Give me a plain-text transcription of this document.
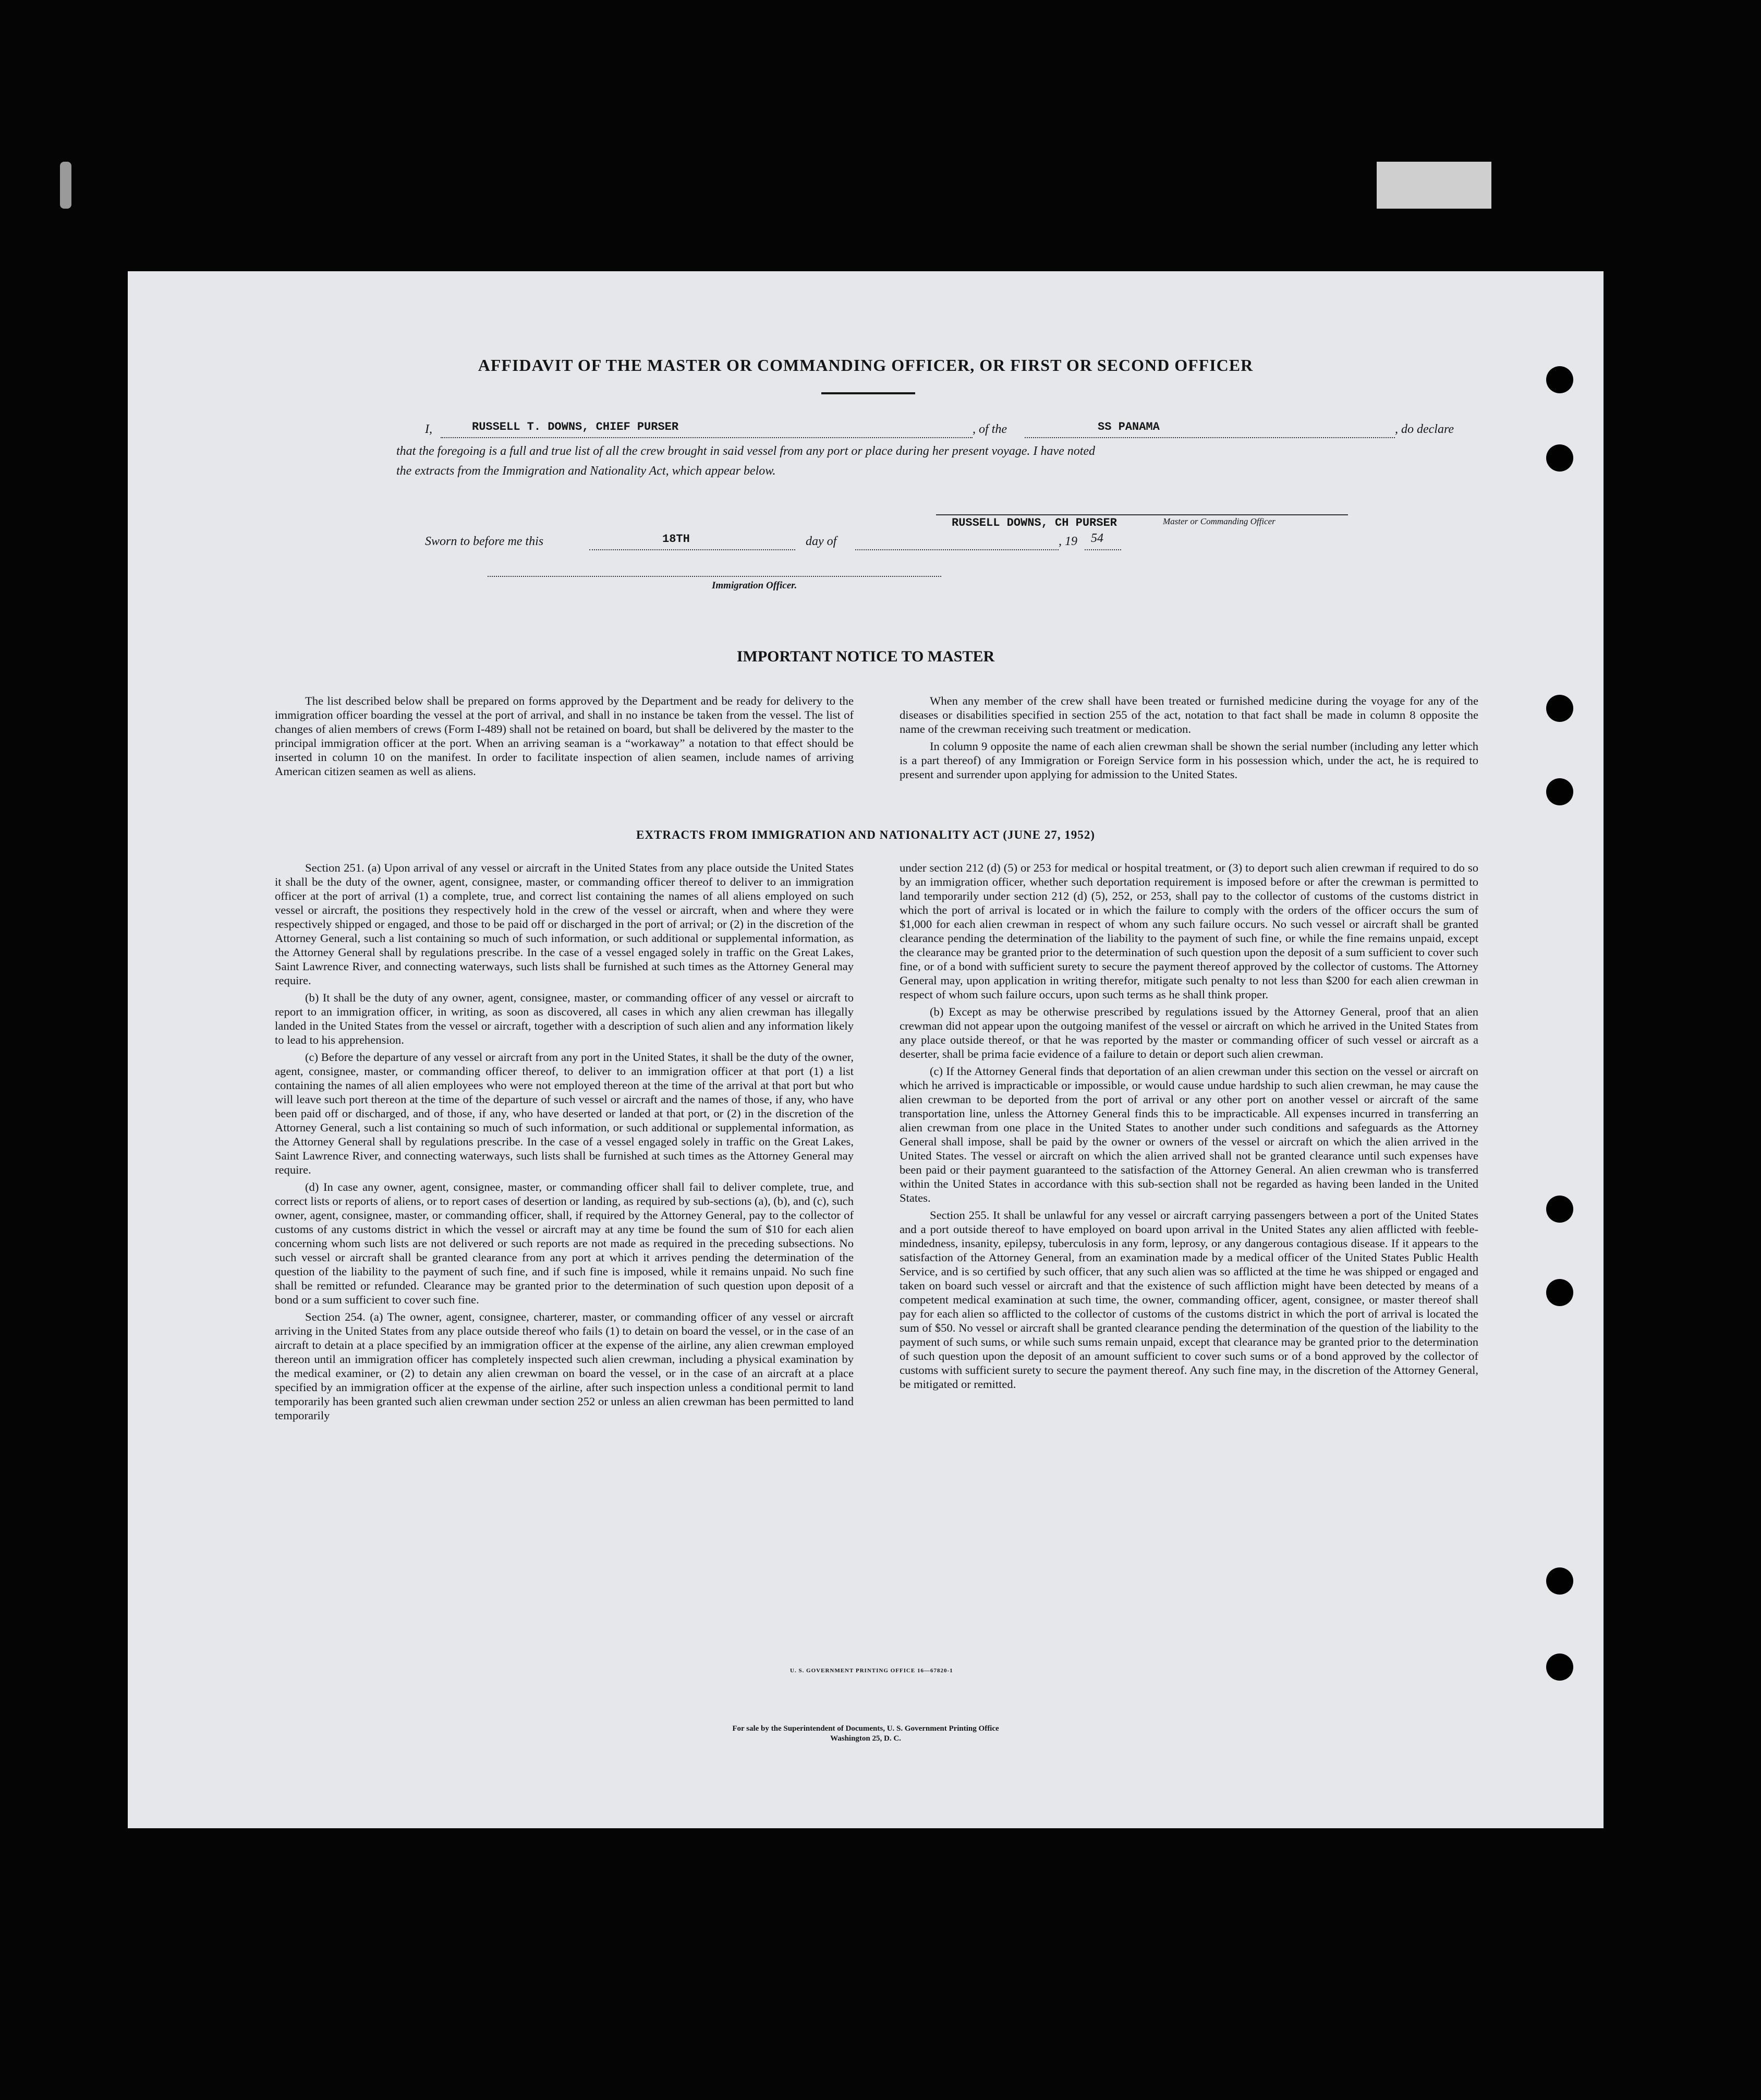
AFFIDAVIT OF THE MASTER OR COMMANDING OFFICER, OR FIRST OR SECOND OFFICER
I,	RUSSELL T. DOWNS, CHIEF PURSER	, of the	SS PANAMA	, do declare
that the foregoing is a full and true list of all the crew brought in said vessel from any port or place during her present voyage. I have noted
the extracts from the Immigration and Nationality Act, which appear below.
RUSSELL DOWNS, CH PURSER	Master or Commanding Officer
Sworn to before me this	18TH	day of	, 19 54
Immigration Officer.
IMPORTANT NOTICE TO MASTER

The list described below shall be prepared on forms approved by the Department and be ready for delivery to the immigration officer boarding the vessel at the port of arrival, and shall in no instance be taken from the vessel. The list of changes of alien members of crews (Form I-489) shall not be retained on board, but shall be delivered by the master to the principal immigration officer at the port. When an arriving seaman is a “workaway” a notation to that effect should be inserted in column 10 on the manifest. In order to facilitate inspection of alien seamen, include names of arriving American citizen seamen as well as aliens.

When any member of the crew shall have been treated or furnished medicine during the voyage for any of the diseases or disabilities specified in section 255 of the act, notation to that fact shall be made in column 8 opposite the name of the crewman receiving such treatment or medication.

In column 9 opposite the name of each alien crewman shall be shown the serial number (including any letter which is a part thereof) of any Immigration or Foreign Service form in his possession which, under the act, he is required to present and surrender upon applying for admission to the United States.

EXTRACTS FROM IMMIGRATION AND NATIONALITY ACT (JUNE 27, 1952)

Section 251. (a) Upon arrival of any vessel or aircraft in the United States from any place outside the United States it shall be the duty of the owner, agent, consignee, master, or commanding officer thereof to deliver to an immigration officer at the port of arrival (1) a complete, true, and correct list containing the names of all aliens employed on such vessel or aircraft, the positions they respectively hold in the crew of the vessel or aircraft, when and where they were respectively shipped or engaged, and those to be paid off or discharged in the port of arrival; or (2) in the discretion of the Attorney General, such a list containing so much of such information, or such additional or supplemental information, as the Attorney General shall by regulations prescribe. In the case of a vessel engaged solely in traffic on the Great Lakes, Saint Lawrence River, and connecting waterways, such lists shall be furnished at such times as the Attorney General may require.

(b) It shall be the duty of any owner, agent, consignee, master, or commanding officer of any vessel or aircraft to report to an immigration officer, in writing, as soon as discovered, all cases in which any alien crewman has illegally landed in the United States from the vessel or aircraft, together with a description of such alien and any information likely to lead to his apprehension.

(c) Before the departure of any vessel or aircraft from any port in the United States, it shall be the duty of the owner, agent, consignee, master, or commanding officer thereof, to deliver to an immigration officer at that port (1) a list containing the names of all alien employees who were not employed thereon at the time of the arrival at that port but who will leave such port thereon at the time of the departure of such vessel or aircraft and the names of those, if any, who have been paid off or discharged, and of those, if any, who have deserted or landed at that port, or (2) in the discretion of the Attorney General, such a list containing so much of such information, or such additional or supplemental information, as the Attorney General shall by regulations prescribe. In the case of a vessel engaged solely in traffic on the Great Lakes, Saint Lawrence River, and connecting waterways, such lists shall be furnished at such times as the Attorney General may require.

(d) In case any owner, agent, consignee, master, or commanding officer shall fail to deliver complete, true, and correct lists or reports of aliens, or to report cases of desertion or landing, as required by sub-sections (a), (b), and (c), such owner, agent, consignee, master, or commanding officer, shall, if required by the Attorney General, pay to the collector of customs of any customs district in which the vessel or aircraft may at any time be found the sum of $10 for each alien concerning whom such lists are not delivered or such reports are not made as required in the preceding subsections. No such vessel or aircraft shall be granted clearance from any port at which it arrives pending the determination of the question of the liability to the payment of such fine, and if such fine is imposed, while it remains unpaid. No such fine shall be remitted or refunded. Clearance may be granted prior to the determination of such question upon deposit of a bond or a sum sufficient to cover such fine.

Section 254. (a) The owner, agent, consignee, charterer, master, or commanding officer of any vessel or aircraft arriving in the United States from any place outside thereof who fails (1) to detain on board the vessel, or in the case of an aircraft to detain at a place specified by an immigration officer at the expense of the airline, any alien crewman employed thereon until an immigration officer has completely inspected such alien crewman, including a physical examination by the medical examiner, or (2) to detain any alien crewman on board the vessel, or in the case of an aircraft at a place specified by an immigration officer at the expense of the airline, after such inspection unless a conditional permit to land temporarily has been granted such alien crewman under section 252 or unless an alien crewman has been permitted to land temporarily

under section 212 (d) (5) or 253 for medical or hospital treatment, or (3) to deport such alien crewman if required to do so by an immigration officer, whether such deportation requirement is imposed before or after the crewman is permitted to land temporarily under section 212 (d) (5), 252, or 253, shall pay to the collector of customs of the customs district in which the port of arrival is located or in which the failure to comply with the orders of the officer occurs the sum of $1,000 for each alien crewman in respect of whom any such failure occurs. No such vessel or aircraft shall be granted clearance pending the determination of the liability to the payment of such fine, or while the fine remains unpaid, except the clearance may be granted prior to the determination of such question upon the deposit of a sum sufficient to cover such fine, or of a bond with sufficient surety to secure the payment thereof approved by the collector of customs. The Attorney General may, upon application in writing therefor, mitigate such penalty to not less than $200 for each alien crewman in respect of whom such failure occurs, upon such terms as he shall think proper.

(b) Except as may be otherwise prescribed by regulations issued by the Attorney General, proof that an alien crewman did not appear upon the outgoing manifest of the vessel or aircraft on which he arrived in the United States from any place outside thereof, or that he was reported by the master or commanding officer of such vessel or aircraft as a deserter, shall be prima facie evidence of a failure to detain or deport such alien crewman.

(c) If the Attorney General finds that deportation of an alien crewman under this section on the vessel or aircraft on which he arrived is impracticable or impossible, or would cause undue hardship to such alien crewman, he may cause the alien crewman to be deported from the port of arrival or any other port on another vessel or aircraft of the same transportation line, unless the Attorney General finds this to be impracticable. All expenses incurred in transferring an alien crewman from one place in the United States to another under such conditions and safeguards as the Attorney General shall impose, shall be paid by the owner or owners of the vessel or aircraft on which the alien arrived in the United States. The vessel or aircraft on which the alien arrived shall not be granted clearance until such expenses have been paid or their payment guaranteed to the satisfaction of the Attorney General. An alien crewman who is transferred within the United States in accordance with this sub-section shall not be regarded as having been landed in the United States.

Section 255. It shall be unlawful for any vessel or aircraft carrying passengers between a port of the United States and a port outside thereof to have employed on board upon arrival in the United States any alien afflicted with feeble-mindedness, insanity, epilepsy, tuberculosis in any form, leprosy, or any dangerous contagious disease. If it appears to the satisfaction of the Attorney General, from an examination made by a medical officer of the United States Public Health Service, and is so certified by such officer, that any such alien was so afflicted at the time he was shipped or engaged and taken on board such vessel or aircraft and that the existence of such affliction might have been detected by means of a competent medical examination at such time, the owner, commanding officer, agent, consignee, or master thereof shall pay for each alien so afflicted to the collector of customs of the customs district in which the port of arrival is located the sum of $50. No vessel or aircraft shall be granted clearance pending the determination of the question of the liability to the payment of such sums, or while such sums remain unpaid, except that clearance may be granted prior to the determination of such question upon the deposit of an amount sufficient to cover such sums or of a bond approved by the collector of customs with sufficient surety to secure the payment thereof. Any such fine may, in the discretion of the Attorney General, be mitigated or remitted.

U. S. GOVERNMENT PRINTING OFFICE 16—67820-1
For sale by the Superintendent of Documents, U. S. Government Printing Office
Washington 25, D. C.
